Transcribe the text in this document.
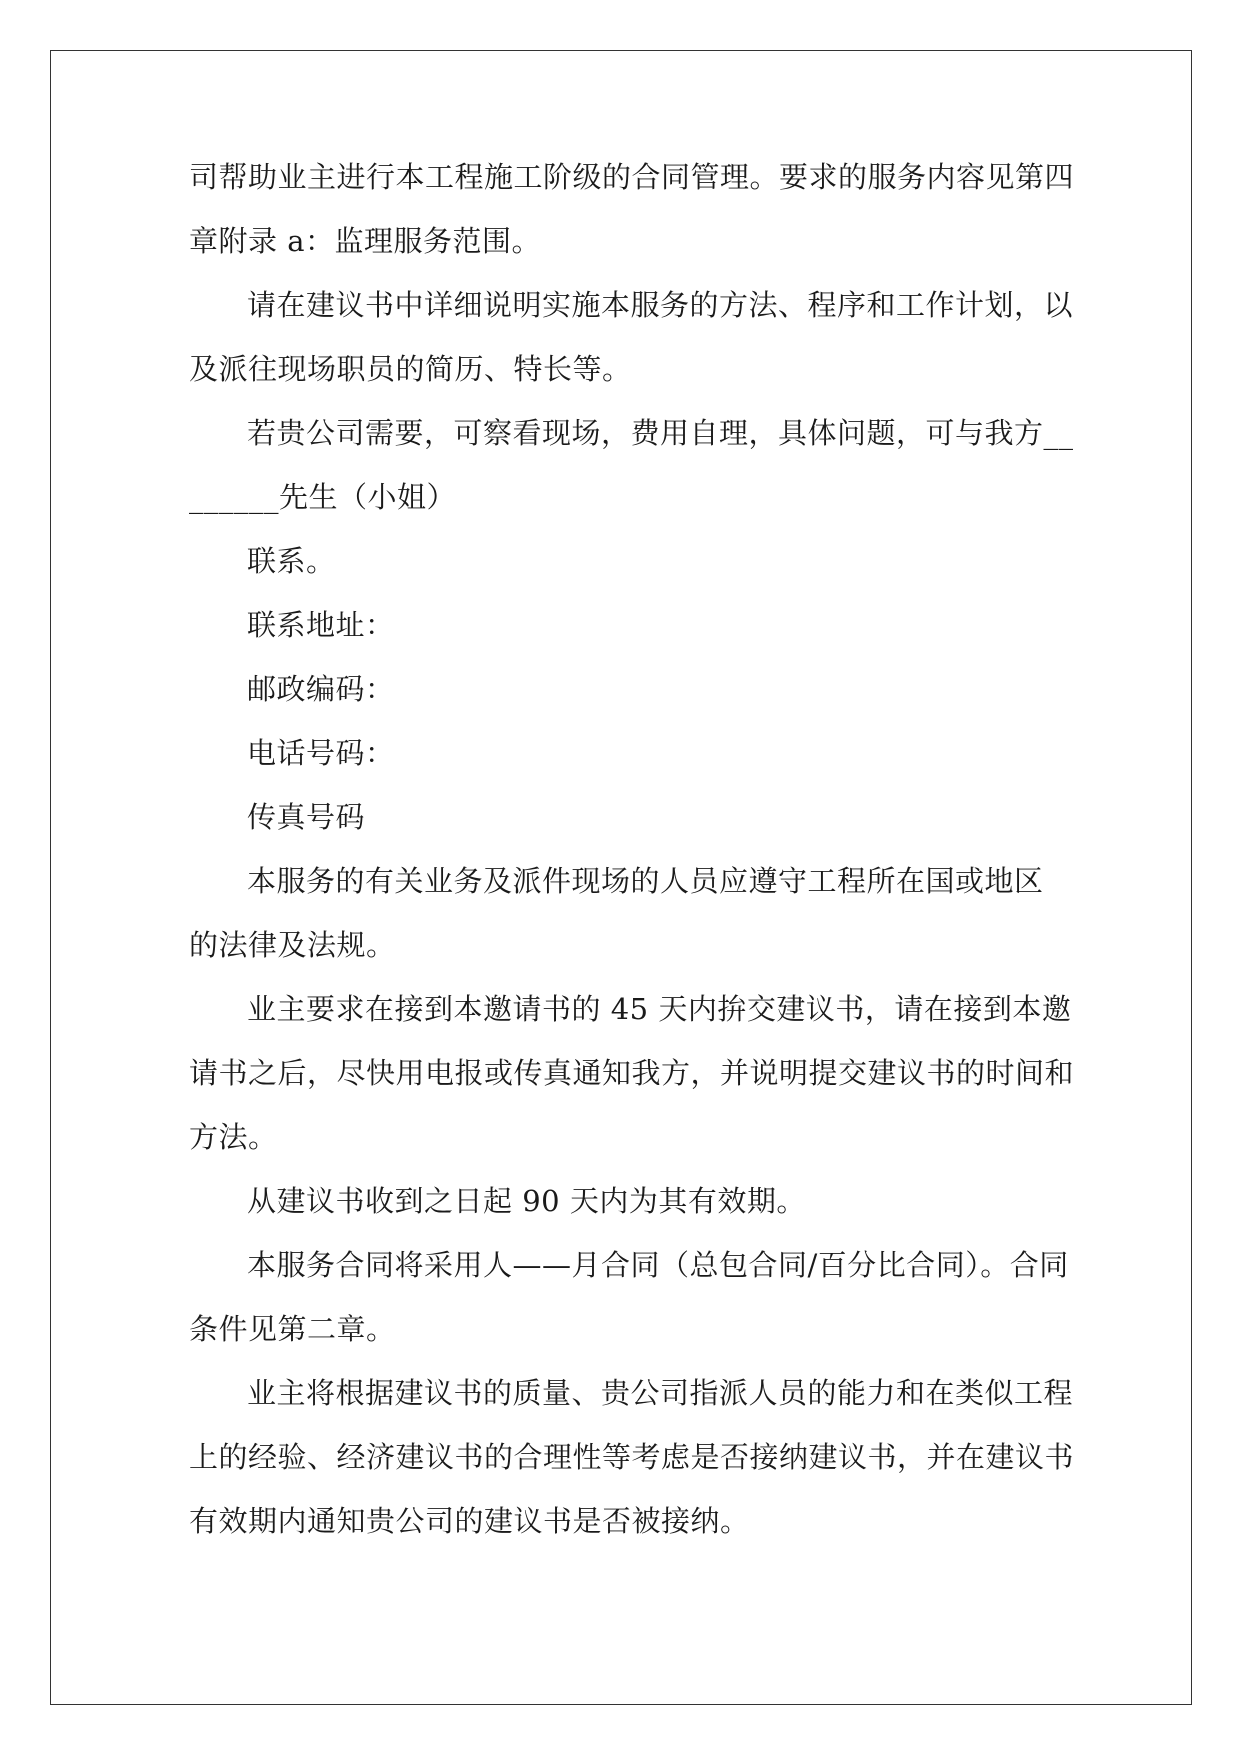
司帮助业主进行本工程施工阶级的合同管理。要求的服务内容见第四
章附录 a：监理服务范围。
请在建议书中详细说明实施本服务的方法、程序和工作计划，以
及派往现场职员的简历、特长等。
若贵公司需要，可察看现场，费用自理，具体问题，可与我方__
______先生（小姐）
联系。
联系地址：
邮政编码：
电话号码：
传真号码
本服务的有关业务及派件现场的人员应遵守工程所在国或地区
的法律及法规。
业主要求在接到本邀请书的 45 天内拚交建议书，请在接到本邀
请书之后，尽快用电报或传真通知我方，并说明提交建议书的时间和
方法。
从建议书收到之日起 90 天内为其有效期。
本服务合同将采用人——月合同（总包合同/百分比合同）。合同
条件见第二章。
业主将根据建议书的质量、贵公司指派人员的能力和在类似工程
上的经验、经济建议书的合理性等考虑是否接纳建议书，并在建议书
有效期内通知贵公司的建议书是否被接纳。
